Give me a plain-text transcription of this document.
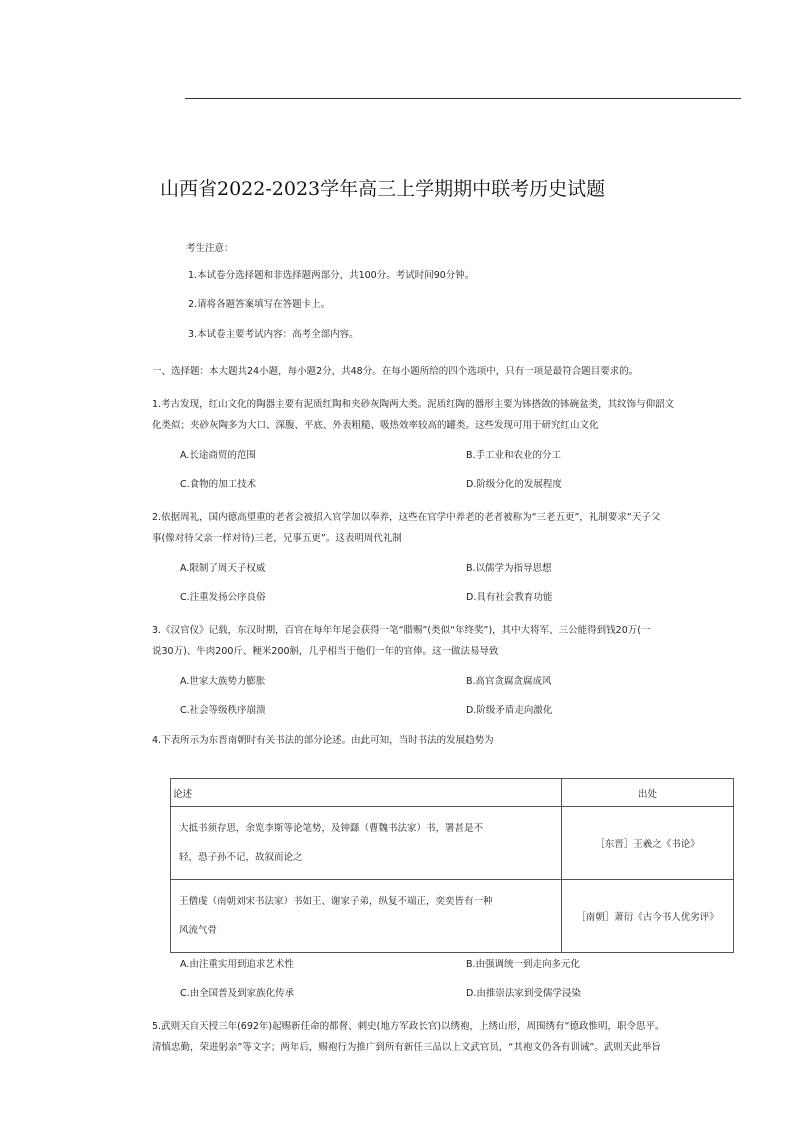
山西省2022-2023学年高三上学期期中联考历史试题
考生注意：
1.本试卷分选择题和非选择题两部分，共100分。考试时间90分钟。
2.请将各题答案填写在答题卡上。
3.本试卷主要考试内容：高考全部内容。
一、选择题：本大题共24小题，每小题2分，共48分。在每小题所给的四个选项中，只有一项是最符合题目要求的。
1.考古发现，红山文化的陶器主要有泥质红陶和夹砂灰陶两大类。泥质红陶的器形主要为钵搭敛的钵碗盆类，其纹饰与仰韶文
化类似；夹砂灰陶多为大口、深腹、平底、外表粗糙、吸热效率较高的罐类。这些发现可用于研究红山文化
A.长途商贸的范围	B.手工业和农业的分工
C.食物的加工技术	D.阶级分化的发展程度
2.依据周礼，国内德高望重的老者会被招入官学加以奉养，这些在官学中养老的老者被称为“三老五更”，礼制要求“天子父
事(像对待父亲一样对待)三老，兄事五更”。这表明周代礼制
A.限制了周天子权威	B.以儒学为指导思想
C.注重发扬公序良俗	D.具有社会教育功能
3.《汉官仪》记载，东汉时期，百官在每年年尾会获得一笔“腊赐”(类似“年终奖”)，其中大将军、三公能得到钱20万(一
说30万)、牛肉200斤、粳米200斛，几乎相当于他们一年的官俸。这一做法易导致
A.世家大族势力膨胀	B.高官贪腐贪腐成风
C.社会等级秩序崩溃	D.阶级矛盾走向激化
4.下表所示为东晋南朝时有关书法的部分论述。由此可知，当时书法的发展趋势为
论述	出处

大抵书须存思，余览李斯等论笔势，及钟繇（曹魏书法家）书，署甚是不
轻，恐子孙不记，故叙而论之	［东晋］王羲之《书论》

王僧虔（南朝刘宋书法家）书如王、谢家子弟，纵复不端正，奕奕皆有一种
风流气骨	［南朝］萧衍《古今书人优劣评》
A.由注重实用到追求艺术性	B.由强调统一到走向多元化
C.由全国普及到家族化传承	D.由推崇法家到受儒学浸染
5.武则天自天授三年(692年)起赐新任命的都督、刺史(地方军政长官)以绣袍，上绣山形，周围绣有“德政惟明，职令思平。
清慎忠勤，荣进躬亲”等文字；两年后，赐袍行为推广到所有新任三品以上文武官员，“其袍文仍各有训诫”。武则天此举旨
